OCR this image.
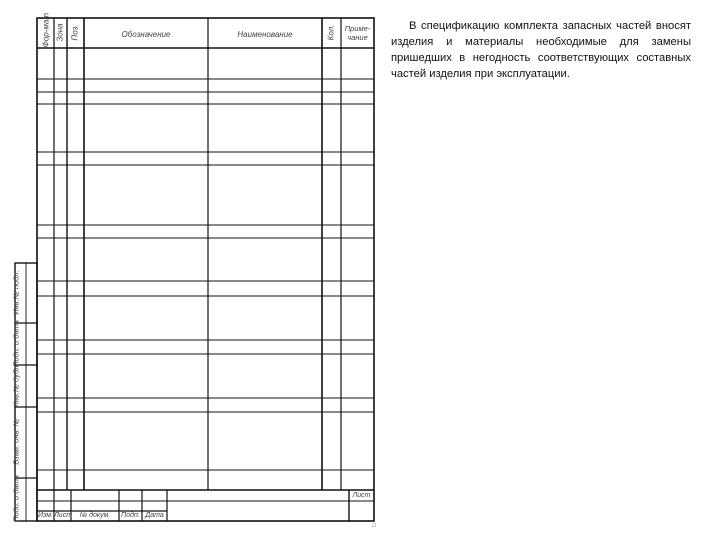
Фор-мат Зона Поз.	Обозначение	Наименование	Кол.	Приме-чание
Инв.№ подл.
Подп. и дата
Инв.№ дубл.
Взам. инв. №
Подп. и дата	Изм. Лист	№ докум.	Подп. Дата
Лист
11
В спецификацию комплекта запасных частей вносят изделия и материалы необходимые для замены пришедших в негодность соответствующих составных частей изделия при эксплуатации.
